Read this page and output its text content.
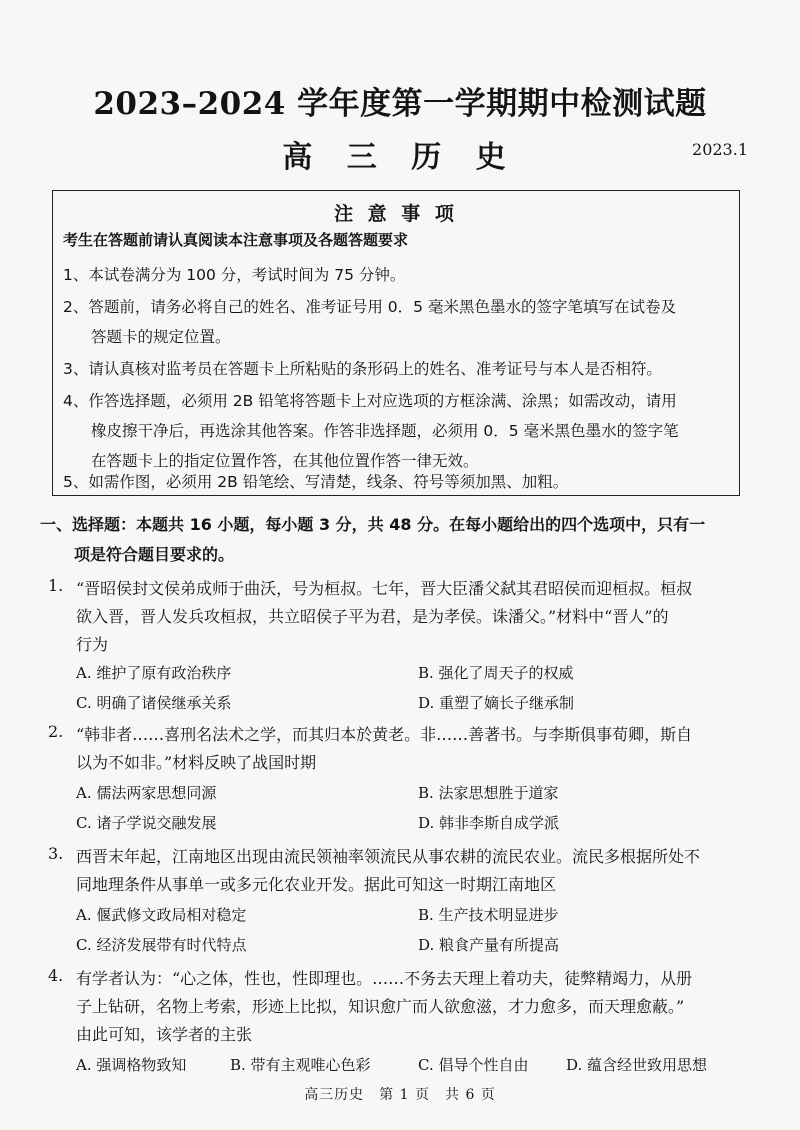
2023–2024 学年度第一学期期中检测试题
高 三 历 史	2023.1
注 意 事 项
考生在答题前请认真阅读本注意事项及各题答题要求
1、本试卷满分为 100 分，考试时间为 75 分钟。
2、答题前，请务必将自己的姓名、准考证号用 0．5 毫米黑色墨水的签字笔填写在试卷及
答题卡的规定位置。
3、请认真核对监考员在答题卡上所粘贴的条形码上的姓名、准考证号与本人是否相符。
4、作答选择题，必须用 2B 铅笔将答题卡上对应选项的方框涂满、涂黑；如需改动，请用
橡皮擦干净后，再选涂其他答案。作答非选择题，必须用 0．5 毫米黑色墨水的签字笔
在答题卡上的指定位置作答，在其他位置作答一律无效。
5、如需作图，必须用 2B 铅笔绘、写清楚，线条、符号等须加黑、加粗。
一、选择题：本题共 16 小题，每小题 3 分，共 48 分。在每小题给出的四个选项中，只有一
项是符合题目要求的。
1. “晋昭侯封文侯弟成师于曲沃，号为桓叔。七年，晋大臣潘父弑其君昭侯而迎桓叔。桓叔
欲入晋，晋人发兵攻桓叔，共立昭侯子平为君，是为孝侯。诛潘父。”材料中“晋人”的
行为
A. 维护了原有政治秩序	B. 强化了周天子的权威
C. 明确了诸侯继承关系	D. 重塑了嫡长子继承制
2. “韩非者……喜刑名法术之学，而其归本於黄老。非……善著书。与李斯俱事荀卿，斯自
以为不如非。”材料反映了战国时期
A. 儒法两家思想同源	B. 法家思想胜于道家
C. 诸子学说交融发展	D. 韩非李斯自成学派
3. 西晋末年起，江南地区出现由流民领袖率领流民从事农耕的流民农业。流民多根据所处不
同地理条件从事单一或多元化农业开发。据此可知这一时期江南地区
A. 偃武修文政局相对稳定	B. 生产技术明显进步
C. 经济发展带有时代特点	D. 粮食产量有所提高
4. 有学者认为：“心之体，性也，性即理也。……不务去天理上着功夫，徒弊精竭力，从册
子上钻研，名物上考索，形迹上比拟，知识愈广而人欲愈滋，才力愈多，而天理愈蔽。”
由此可知，该学者的主张
A. 强调格物致知	B. 带有主观唯心色彩	C. 倡导个性自由	D. 蕴含经世致用思想
高三历史　第 1 页　共 6 页
